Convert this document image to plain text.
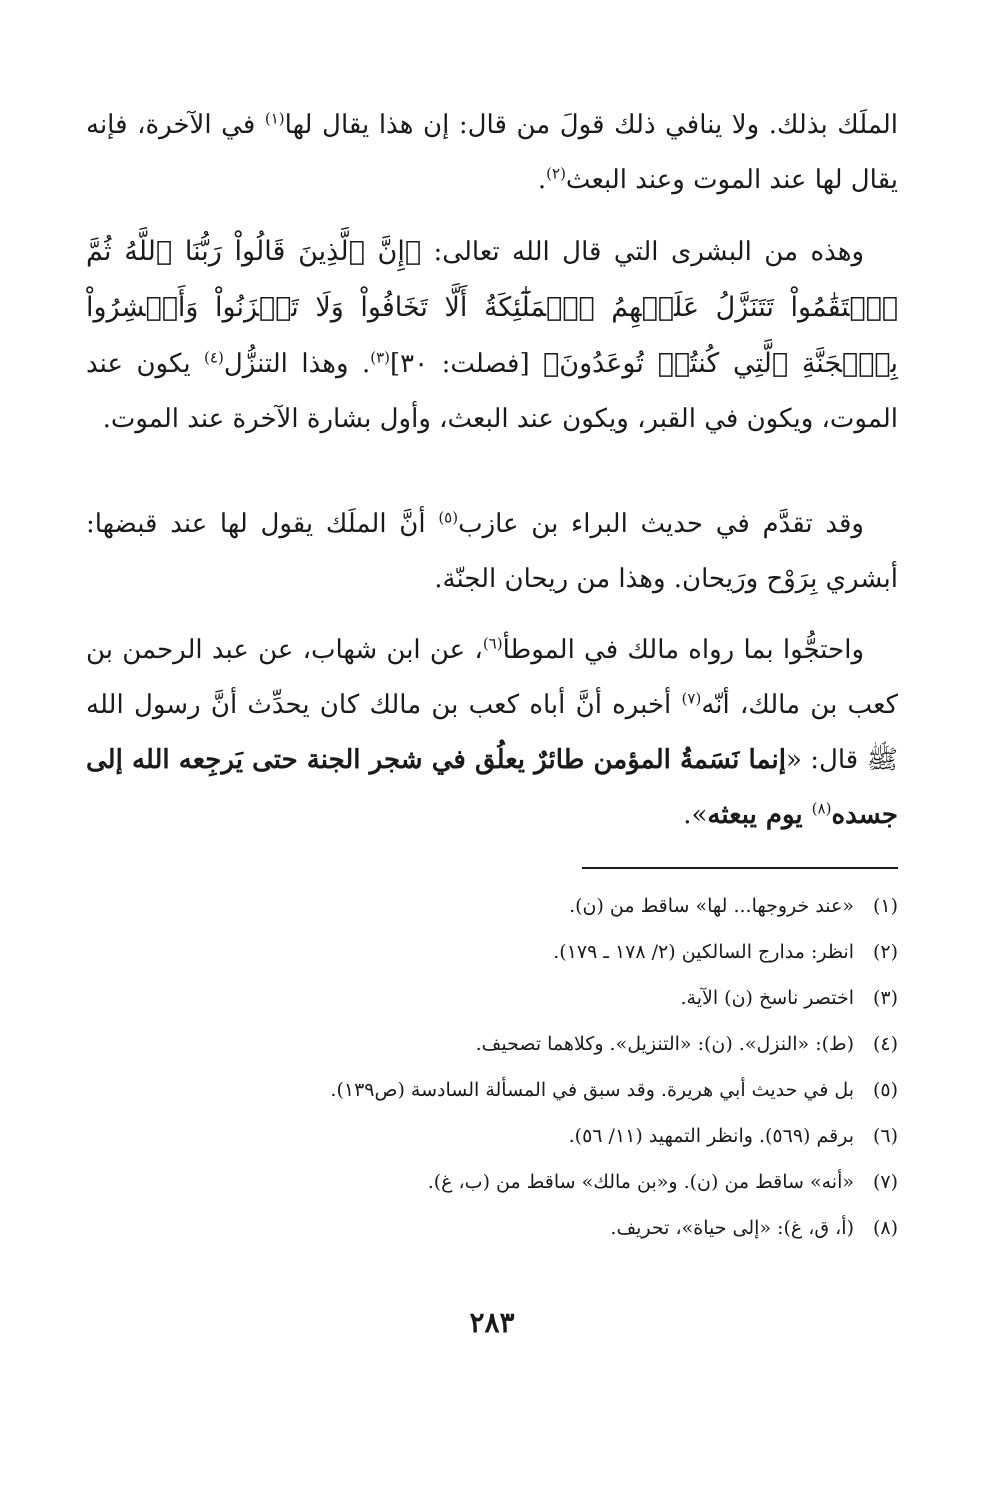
الملَك بذلك. ولا ينافي ذلك قولَ من قال: إن هذا يقال لها$^{(١)}$ في الآخرة، فإنه يقال لها عند الموت وعند البعث$^{(٢)}$.

وهذه من البشرى التي قال الله تعالى: ﴿إِنَّ ٱلَّذِينَ قَالُواْ رَبُّنَا ٱللَّهُ ثُمَّ ٱسۡتَقَٰمُواْ تَتَنَزَّلُ عَلَيۡهِمُ ٱلۡمَلَٰٓئِكَةُ أَلَّا تَخَافُواْ وَلَا تَحۡزَنُواْ وَأَبۡشِرُواْ بِٱلۡجَنَّةِ ٱلَّتِي كُنتُمۡ تُوعَدُونَ﴾ [فصلت: ٣٠]$^{(٣)}$. وهذا التنزُّل$^{(٤)}$ يكون عند الموت، ويكون في القبر، ويكون عند البعث، وأول بشارة الآخرة عند الموت.

وقد تقدَّم في حديث البراء بن عازب$^{(٥)}$ أنَّ الملَك يقول لها عند قبضها: أبشري بِرَوْح ورَيحان. وهذا من ريحان الجنّة.

واحتجُّوا بما رواه مالك في الموطأ$^{(٦)}$، عن ابن شهاب، عن عبد الرحمن بن كعب بن مالك، أنّه$^{(٧)}$ أخبره أنَّ أباه كعب بن مالك كان يحدِّث أنَّ رسول الله ﷺ قال: «إنما نَسَمةُ المؤمن طائرٌ يعلُق في شجر الجنة حتى يَرجِعه الله إلى جسده$^{(٨)}$ يوم يبعثه».

(١)«عند خروجها... لها» ساقط من (ن).
(٢)انظر: مدارج السالكين (٢/ ١٧٨ ـ ١٧٩).
(٣)اختصر ناسخ (ن) الآية.
(٤)(ط): «النزل». (ن): «التنزيل». وكلاهما تصحيف.
(٥)بل في حديث أبي هريرة. وقد سبق في المسألة السادسة (ص١٣٩).
(٦)برقم (٥٦٩). وانظر التمهيد (١١/ ٥٦).
(٧)«أنه» ساقط من (ن). و«بن مالك» ساقط من (ب، غ).
(٨)(أ، ق، غ): «إلى حياة»، تحريف.
٢٨٣
